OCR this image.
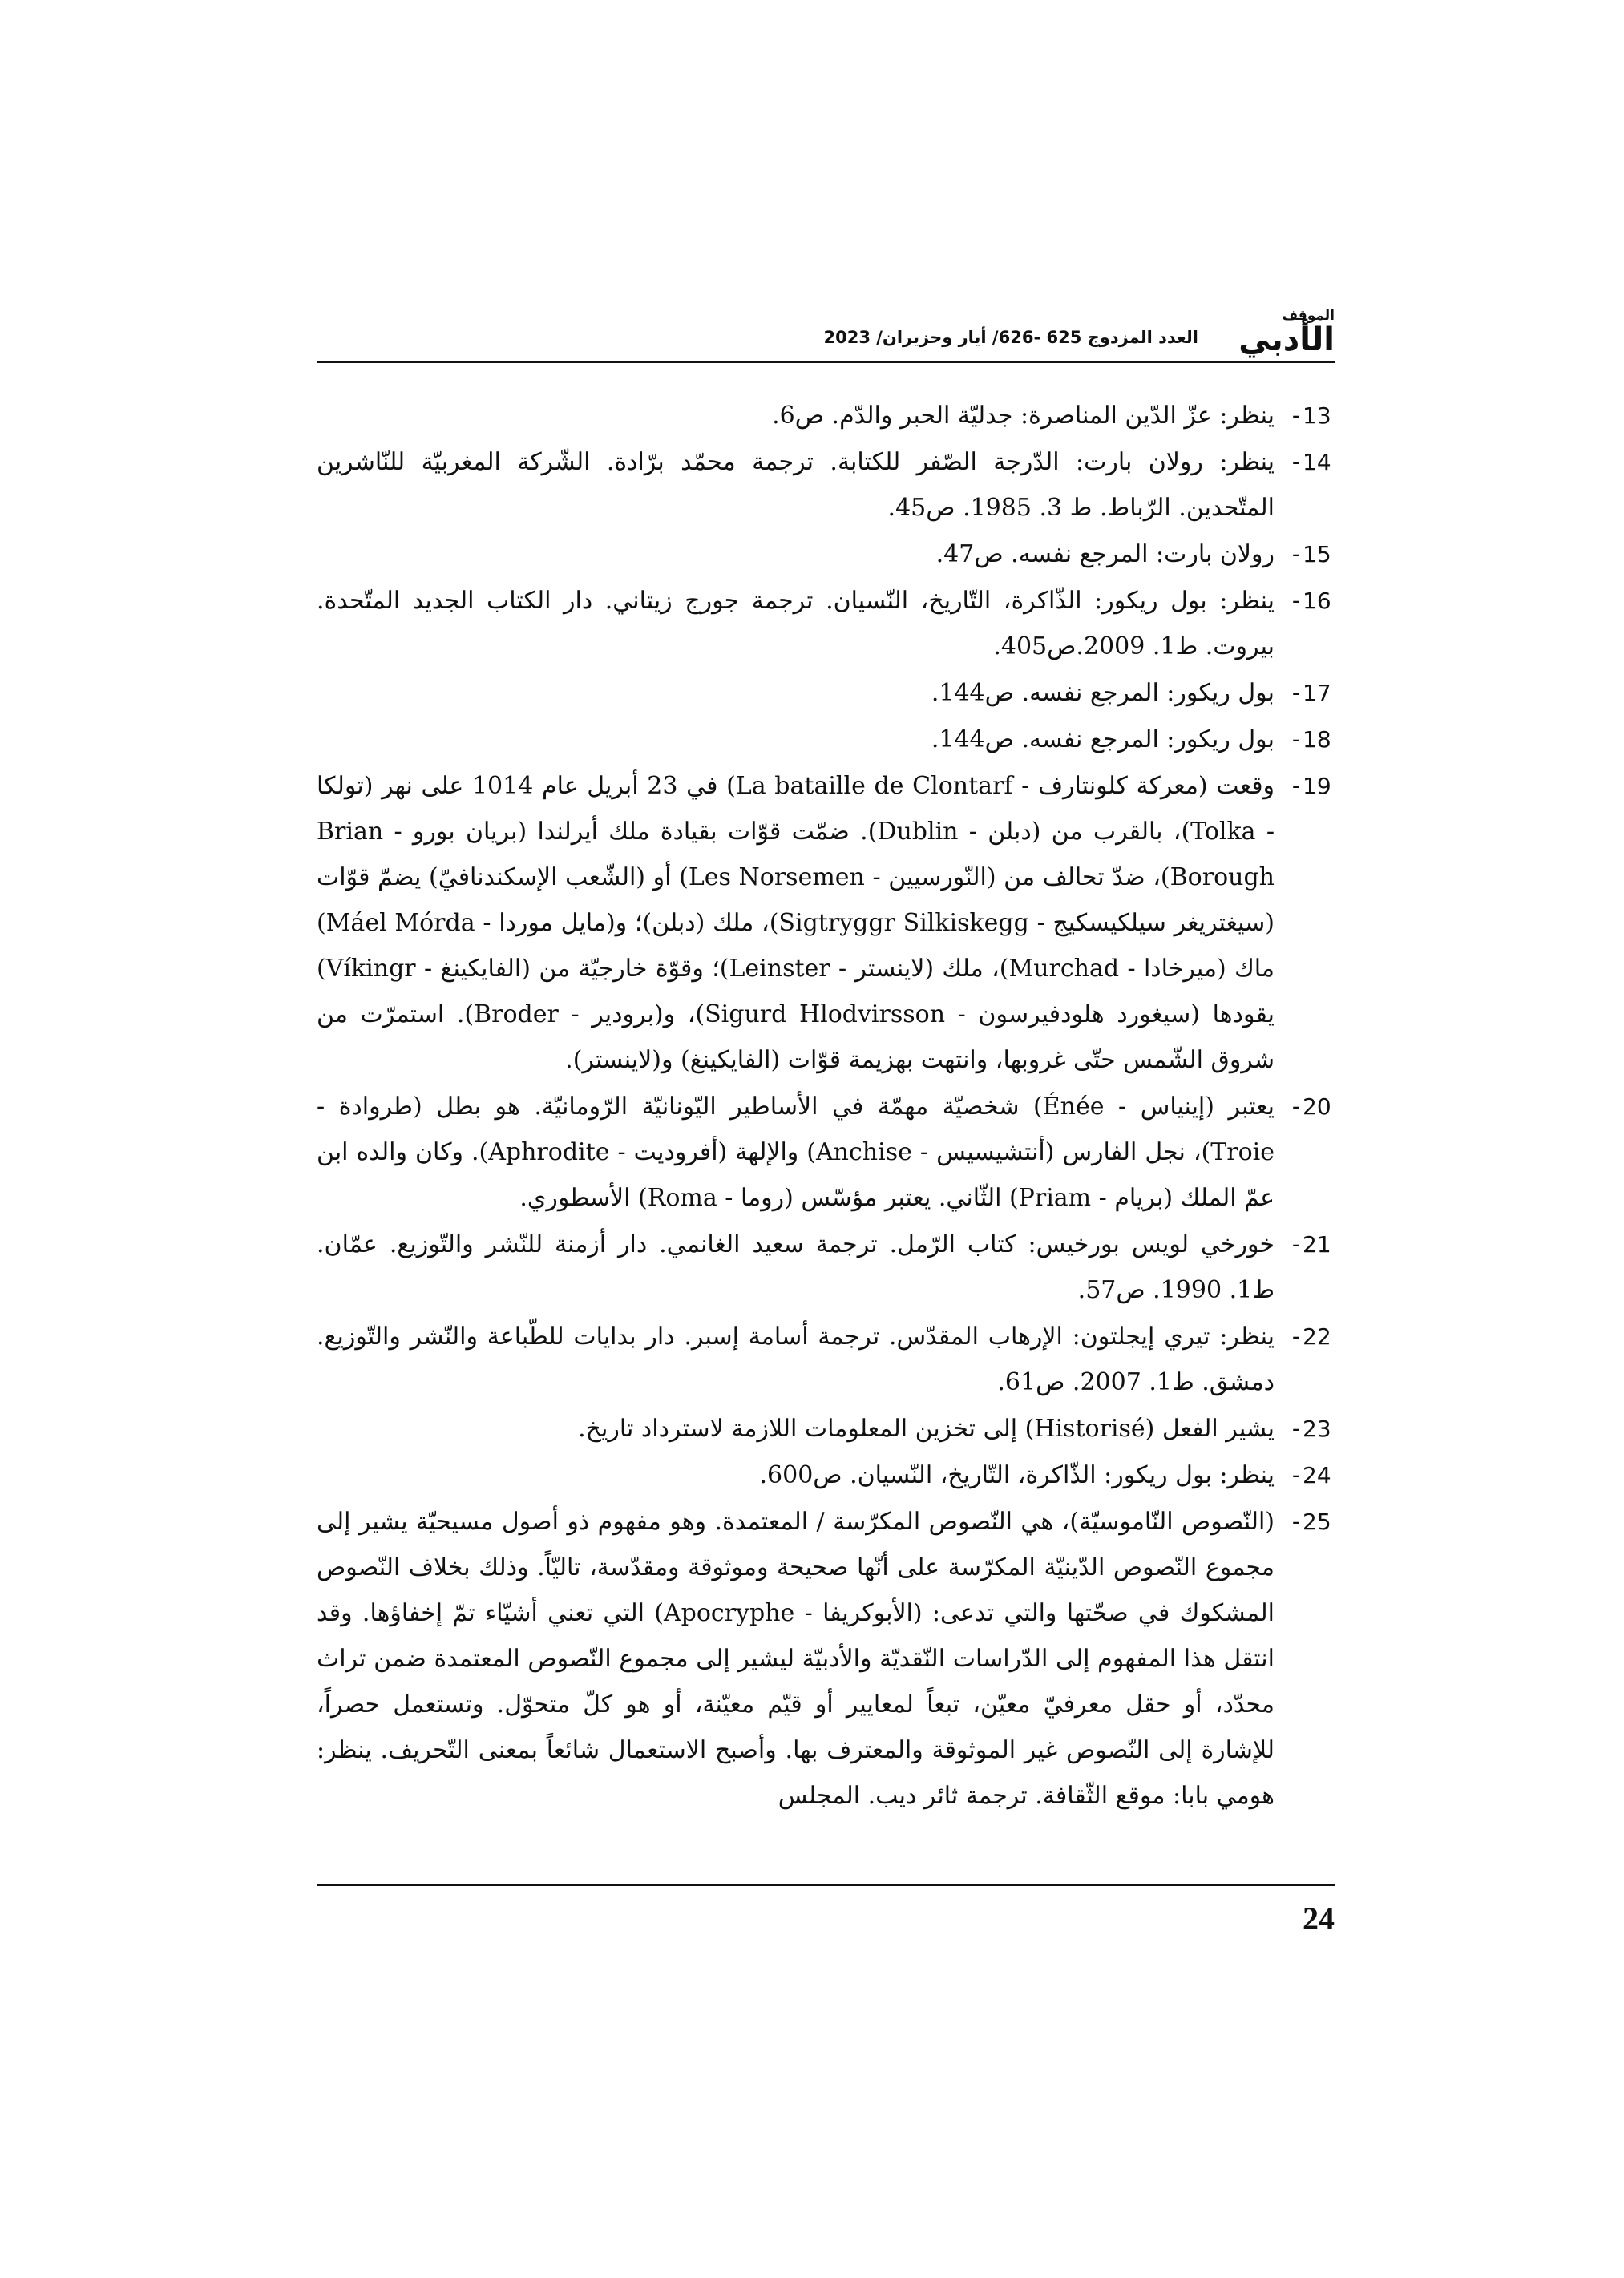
الموقف
الأدبي
العدد المزدوج 625 -626/ أيار وحزيران/ 2023
13
-
ينظر: عزّ الدّين المناصرة: جدليّة الحبر والدّم. ص6.
14
-
ينظر: رولان بارت: الدّرجة الصّفر للكتابة. ترجمة محمّد برّادة. الشّركة المغربيّة للنّاشرين المتّحدين. الرّباط. ط 3. 1985. ص45.
15
-
رولان بارت: المرجع نفسه. ص47.
16
-
ينظر: بول ريكور: الذّاكرة، التّاريخ، النّسيان. ترجمة جورج زيتاني. دار الكتاب الجديد المتّحدة. بيروت. ط1. 2009.ص405.
17
-
بول ريكور: المرجع نفسه. ص144.
18
-
بول ريكور: المرجع نفسه. ص144.
19
-
وقعت (معركة كلونتارف - La bataille de Clontarf) في 23 أبريل عام 1014 على نهر (تولكا - Tolka)، بالقرب من (دبلن - Dublin). ضمّت قوّات بقيادة ملك أيرلندا (بريان بورو - Brian Borough)، ضدّ تحالف من (النّورسيين - Les Norsemen) أو (الشّعب الإسكندنافيّ) يضمّ قوّات (سيغتريغر سيلكيسكيج - Sigtryggr Silkiskegg)، ملك (دبلن)؛ و(مايل موردا - Máel Mórda) ماك (ميرخادا - Murchad)، ملك (لاينستر - Leinster)؛ وقوّة خارجيّة من (الفايكينغ - Víkingr) يقودها (سيغورد هلودفيرسون - Sigurd Hlodvirsson)، و(برودير - Broder). استمرّت من شروق الشّمس حتّى غروبها، وانتهت بهزيمة قوّات (الفايكينغ) و(لاينستر).
20
-
يعتبر (إينياس - Énée) شخصيّة مهمّة في الأساطير اليّونانيّة الرّومانيّة. هو بطل (طروادة - Troie)، نجل الفارس (أنتشيسيس - Anchise) والإلهة (أفروديت - Aphrodite). وكان والده ابن عمّ الملك (بريام - Priam) الثّاني. يعتبر مؤسّس (روما - Roma) الأسطوري.
21
-
خورخي لويس بورخيس: كتاب الرّمل. ترجمة سعيد الغانمي. دار أزمنة للنّشر والتّوزيع. عمّان. ط1. 1990. ص57.
22
-
ينظر: تيري إيجلتون: الإرهاب المقدّس. ترجمة أسامة إسبر. دار بدايات للطّباعة والنّشر والتّوزيع. دمشق. ط1. 2007. ص61.
23
-
يشير الفعل (Historisé) إلى تخزين المعلومات اللازمة لاسترداد تاريخ.
24
-
ينظر: بول ريكور: الذّاكرة، التّاريخ، النّسيان. ص600.
25
-
(النّصوص النّاموسيّة)، هي النّصوص المكرّسة / المعتمدة. وهو مفهوم ذو أصول مسيحيّة يشير إلى مجموع النّصوص الدّينيّة المكرّسة على أنّها صحيحة وموثوقة ومقدّسة، تاليّاً. وذلك بخلاف النّصوص المشكوك في صحّتها والتي تدعى: (الأبوكريفا - Apocryphe) التي تعني أشيّاء تمّ إخفاؤها. وقد انتقل هذا المفهوم إلى الدّراسات النّقديّة والأدبيّة ليشير إلى مجموع النّصوص المعتمدة ضمن تراث محدّد، أو حقل معرفيّ معيّن، تبعاً لمعايير أو قيّم معيّنة، أو هو كلّ متحوّل. وتستعمل حصراً، للإشارة إلى النّصوص غير الموثوقة والمعترف بها. وأصبح الاستعمال شائعاً بمعنى التّحريف. ينظر: هومي بابا: موقع الثّقافة. ترجمة ثائر ديب. المجلس
24
